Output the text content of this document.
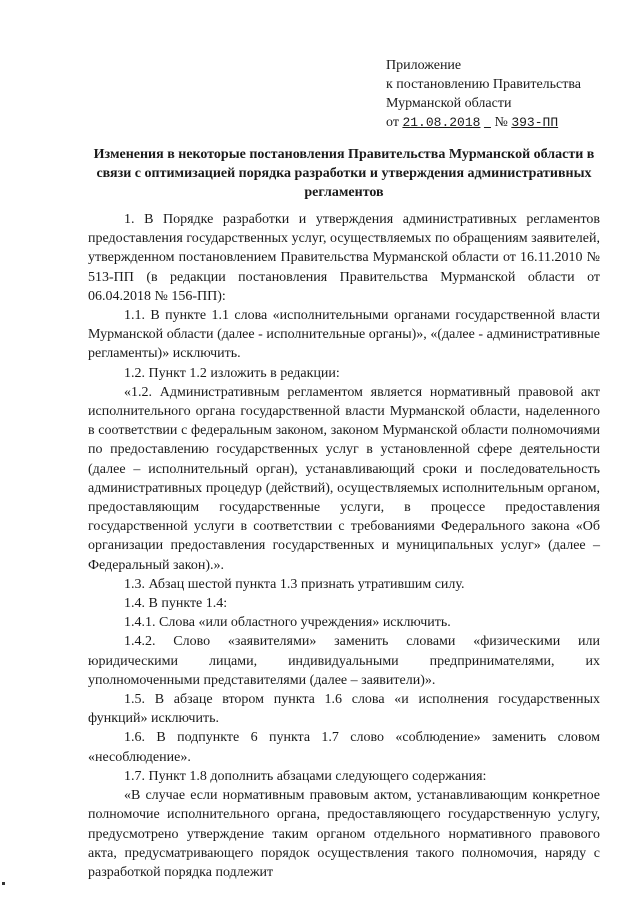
Приложение
к постановлению Правительства
Мурманской области
от 21.08.2018 № 393-ПП
Изменения в некоторые постановления Правительства Мурманской области в связи с оптимизацией порядка разработки и утверждения административных регламентов

1. В Порядке разработки и утверждения административных регламентов предоставления государственных услуг, осуществляемых по обращениям заявителей, утвержденном постановлением Правительства Мурманской области от 16.11.2010 № 513-ПП (в редакции постановления Правительства Мурманской области от 06.04.2018 № 156-ПП):

1.1. В пункте 1.1 слова «исполнительными органами государственной власти Мурманской области (далее - исполнительные органы)», «(далее - административные регламенты)» исключить.

1.2. Пункт 1.2 изложить в редакции:

«1.2. Административным регламентом является нормативный правовой акт исполнительного органа государственной власти Мурманской области, наделенного в соответствии с федеральным законом, законом Мурманской области полномочиями по предоставлению государственных услуг в установленной сфере деятельности (далее – исполнительный орган), устанавливающий сроки и последовательность административных процедур (действий), осуществляемых исполнительным органом, предоставляющим государственные услуги, в процессе предоставления государственной услуги в соответствии с требованиями Федерального закона «Об организации предоставления государственных и муниципальных услуг» (далее – Федеральный закон).».

1.3. Абзац шестой пункта 1.3 признать утратившим силу.

1.4. В пункте 1.4:

1.4.1. Слова «или областного учреждения» исключить.

1.4.2. Слово «заявителями» заменить словами «физическими или юридическими лицами, индивидуальными предпринимателями, их уполномоченными представителями (далее – заявители)».

1.5. В абзаце втором пункта 1.6 слова «и исполнения государственных функций» исключить.

1.6. В подпункте 6 пункта 1.7 слово «соблюдение» заменить словом «несоблюдение».

1.7. Пункт 1.8 дополнить абзацами следующего содержания:

«В случае если нормативным правовым актом, устанавливающим конкретное полномочие исполнительного органа, предоставляющего государственную услугу, предусмотрено утверждение таким органом отдельного нормативного правового акта, предусматривающего порядок осуществления такого полномочия, наряду с разработкой порядка подлежит
